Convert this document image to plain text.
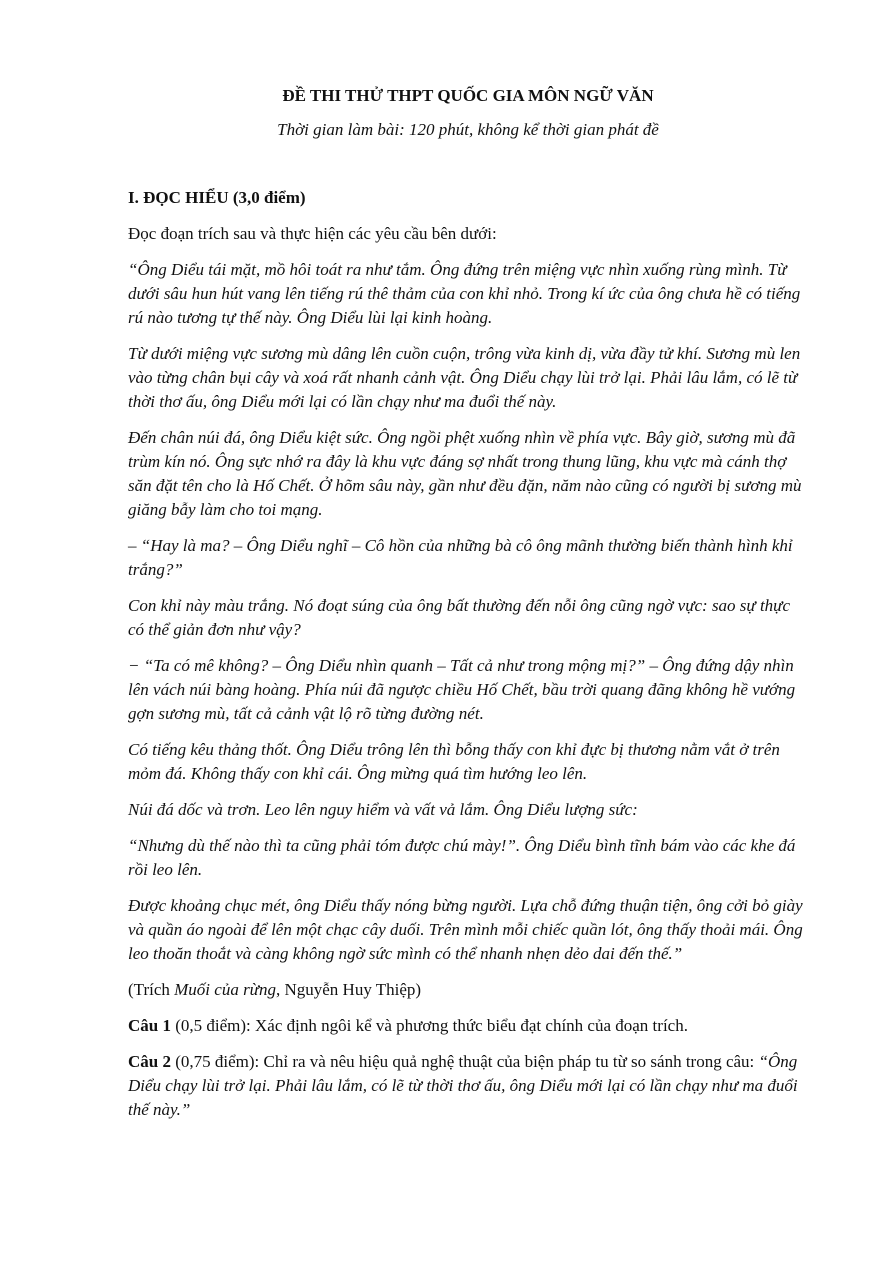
ĐỀ THI THỬ THPT QUỐC GIA MÔN NGỮ VĂN
Thời gian làm bài: 120 phút, không kể thời gian phát đề
I. ĐỌC HIỂU (3,0 điểm)
Đọc đoạn trích sau và thực hiện các yêu cầu bên dưới:
“Ông Diểu tái mặt, mồ hôi toát ra như tắm. Ông đứng trên miệng vực nhìn xuống rùng mình. Từ dưới sâu hun hút vang lên tiếng rú thê thảm của con khỉ nhỏ. Trong kí ức của ông chưa hề có tiếng rú nào tương tự thế này. Ông Diểu lùi lại kinh hoàng.
Từ dưới miệng vực sương mù dâng lên cuồn cuộn, trông vừa kinh dị, vừa đầy tử khí. Sương mù len vào từng chân bụi cây và xoá rất nhanh cảnh vật. Ông Diểu chạy lùi trở lại. Phải lâu lắm, có lẽ từ thời thơ ấu, ông Diểu mới lại có lần chạy như ma đuổi thế này.
Đến chân núi đá, ông Diểu kiệt sức. Ông ngồi phệt xuống nhìn về phía vực. Bây giờ, sương mù đã trùm kín nó. Ông sực nhớ ra đây là khu vực đáng sợ nhất trong thung lũng, khu vực mà cánh thợ săn đặt tên cho là Hố Chết. Ở hõm sâu này, gần như đều đặn, năm nào cũng có người bị sương mù giăng bẫy làm cho toi mạng.
– “Hay là ma? – Ông Diểu nghĩ – Cô hồn của những bà cô ông mãnh thường biến thành hình khỉ trắng?”
Con khỉ này màu trắng. Nó đoạt súng của ông bất thường đến nỗi ông cũng ngờ vực: sao sự thực có thể giản đơn như vậy?
− “Ta có mê không? – Ông Diểu nhìn quanh – Tất cả như trong mộng mị?” – Ông đứng dậy nhìn lên vách núi bàng hoàng. Phía núi đã ngược chiều Hố Chết, bầu trời quang đãng không hề vướng gợn sương mù, tất cả cảnh vật lộ rõ từng đường nét.
Có tiếng kêu thảng thốt. Ông Diểu trông lên thì bỗng thấy con khỉ đực bị thương nằm vắt ở trên mỏm đá. Không thấy con khỉ cái. Ông mừng quá tìm hướng leo lên.
Núi đá dốc và trơn. Leo lên nguy hiểm và vất vả lắm. Ông Diểu lượng sức:
“Nhưng dù thế nào thì ta cũng phải tóm được chú mày!”. Ông Diểu bình tĩnh bám vào các khe đá rồi leo lên.
Được khoảng chục mét, ông Diểu thấy nóng bừng người. Lựa chỗ đứng thuận tiện, ông cởi bỏ giày và quần áo ngoài để lên một chạc cây duối. Trên mình mỗi chiếc quần lót, ông thấy thoải mái. Ông leo thoăn thoắt và càng không ngờ sức mình có thể nhanh nhẹn dẻo dai đến thế.”
(Trích Muối của rừng, Nguyễn Huy Thiệp)
Câu 1 (0,5 điểm): Xác định ngôi kể và phương thức biểu đạt chính của đoạn trích.
Câu 2 (0,75 điểm): Chỉ ra và nêu hiệu quả nghệ thuật của biện pháp tu từ so sánh trong câu: “Ông Diểu chạy lùi trở lại. Phải lâu lắm, có lẽ từ thời thơ ấu, ông Diểu mới lại có lần chạy như ma đuổi thế này.”
